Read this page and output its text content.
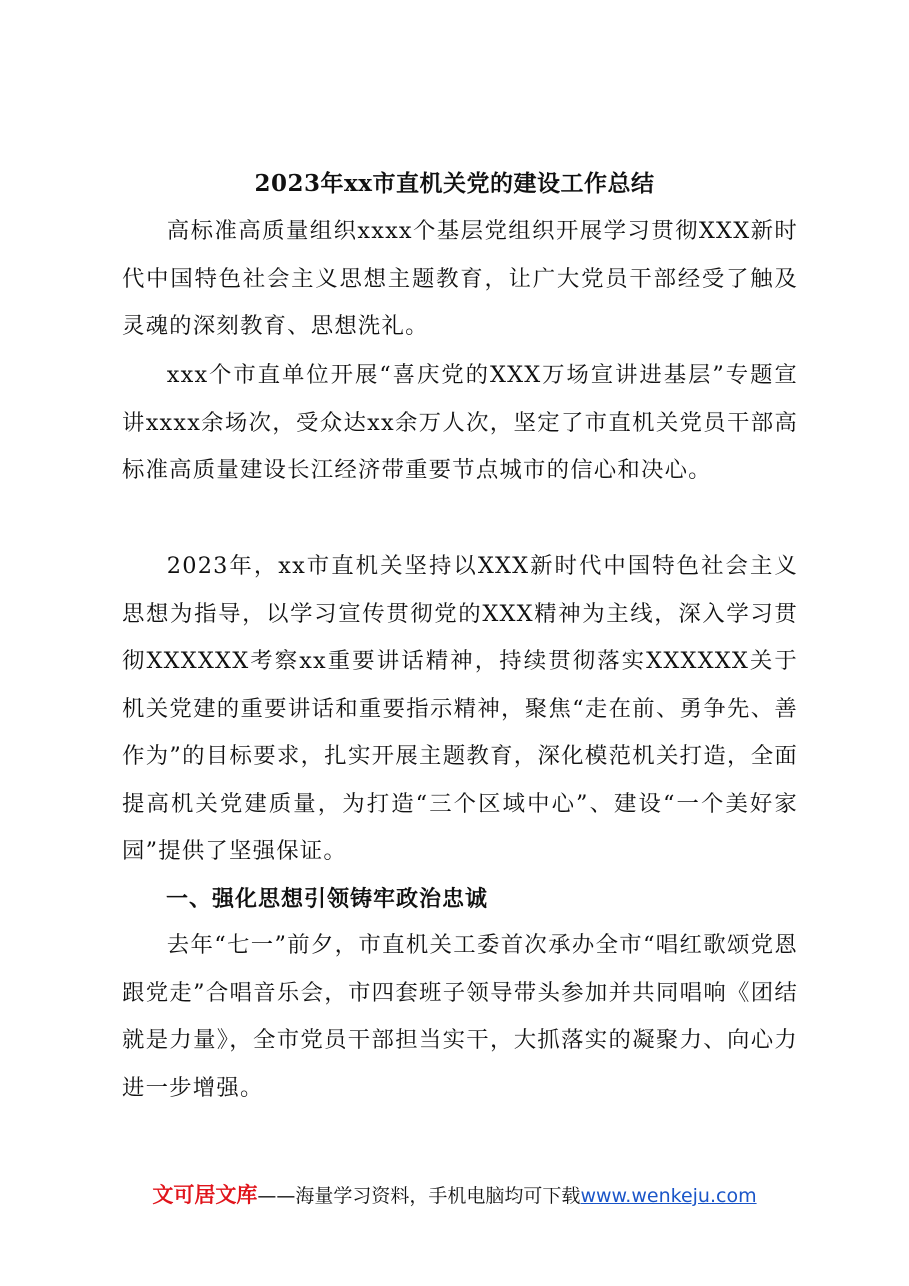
2023年xx市直机关党的建设工作总结

高标准高质量组织xxxx个基层党组织开展学习贯彻XXX新时代中国特色社会主义思想主题教育，让广大党员干部经受了触及灵魂的深刻教育、思想洗礼。

xxx个市直单位开展“喜庆党的XXX万场宣讲进基层”专题宣讲xxxx余场次，受众达xx余万人次，坚定了市直机关党员干部高标准高质量建设长江经济带重要节点城市的信心和决心。

2023年，xx市直机关坚持以XXX新时代中国特色社会主义思想为指导，以学习宣传贯彻党的XXX精神为主线，深入学习贯彻XXXXXX考察xx重要讲话精神，持续贯彻落实XXXXXX关于机关党建的重要讲话和重要指示精神，聚焦“走在前、勇争先、善作为”的目标要求，扎实开展主题教育，深化模范机关打造，全面提高机关党建质量，为打造“三个区域中心”、建设“一个美好家园”提供了坚强保证。

一、强化思想引领铸牢政治忠诚

去年“七一”前夕，市直机关工委首次承办全市“唱红歌颂党恩跟党走”合唱音乐会，市四套班子领导带头参加并共同唱响《团结就是力量》，全市党员干部担当实干，大抓落实的凝聚力、向心力进一步增强。

文可居文库——海量学习资料，手机电脑均可下载www.wenkeju.com
